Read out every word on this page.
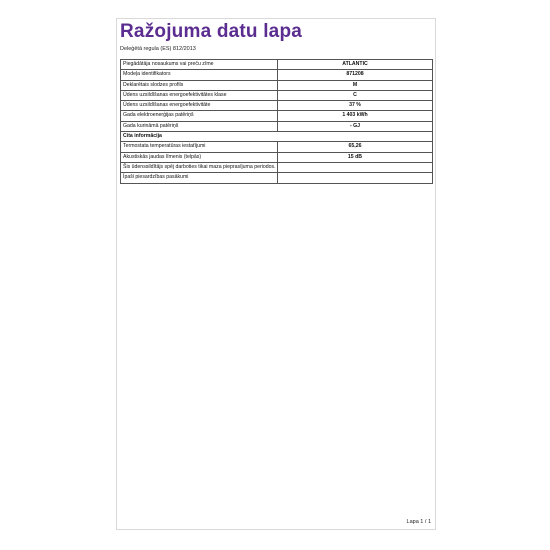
Ražojuma datu lapa
Deleģētā regula (ES) 812/2013
Piegādātāja nosaukums vai preču zīme	ATLANTIC
Modeļa identifikators	871208
Deklarētais slodzes profils	M
Ūdens uzsildīšanas energoefektivitātes klase	C
Ūdens uzsildīšanas energoefektivitāte	37 %
Gada elektroenerģijas patēriņš	1 403 kWh
Gada kurināmā patēriņš	- GJ
Cita informācija	
Termostata temperatūras iestatījumi	65,26
Akustiskās jaudas līmenis (telpās)	15 dB
Šis ūdenssildītājs spēj darboties tikai maza pieprasījuma periodos.	
Īpaši piesardzības pasākumi	
Lapa 1 / 1
